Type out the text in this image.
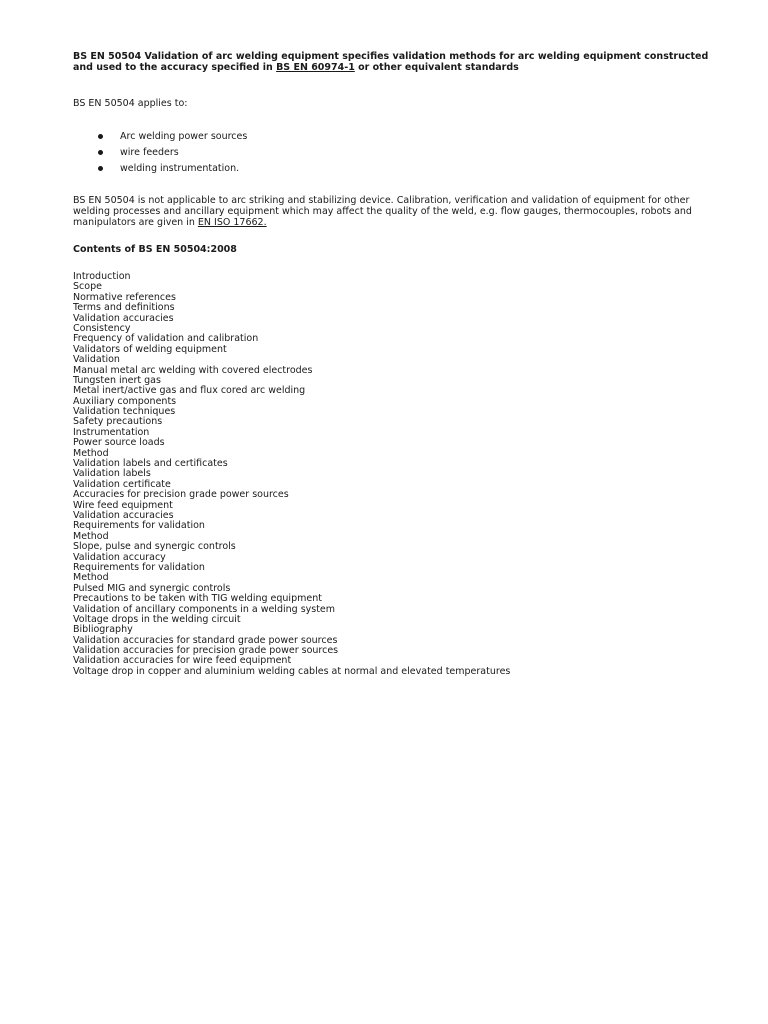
BS EN 50504 Validation of arc welding equipment specifies validation methods for arc welding equipment constructed and used to the accuracy specified in BS EN 60974-1 or other equivalent standards

BS EN 50504 applies to:

Arc welding power sources
wire feeders
welding instrumentation.

BS EN 50504 is not applicable to arc striking and stabilizing device. Calibration, verification and validation of equipment for other welding processes and ancillary equipment which may affect the quality of the weld, e.g. flow gauges, thermocouples, robots and manipulators are given in EN ISO 17662.

Contents of BS EN 50504:2008

Introduction
Scope
Normative references
Terms and definitions
Validation accuracies
Consistency
Frequency of validation and calibration
Validators of welding equipment
Validation
Manual metal arc welding with covered electrodes
Tungsten inert gas
Metal inert/active gas and flux cored arc welding
Auxiliary components
Validation techniques
Safety precautions
Instrumentation
Power source loads
Method
Validation labels and certificates
Validation labels
Validation certificate
Accuracies for precision grade power sources
Wire feed equipment
Validation accuracies
Requirements for validation
Method
Slope, pulse and synergic controls
Validation accuracy
Requirements for validation
Method
Pulsed MIG and synergic controls
Precautions to be taken with TIG welding equipment
Validation of ancillary components in a welding system
Voltage drops in the welding circuit
Bibliography
Validation accuracies for standard grade power sources
Validation accuracies for precision grade power sources
Validation accuracies for wire feed equipment
Voltage drop in copper and aluminium welding cables at normal and elevated temperatures
